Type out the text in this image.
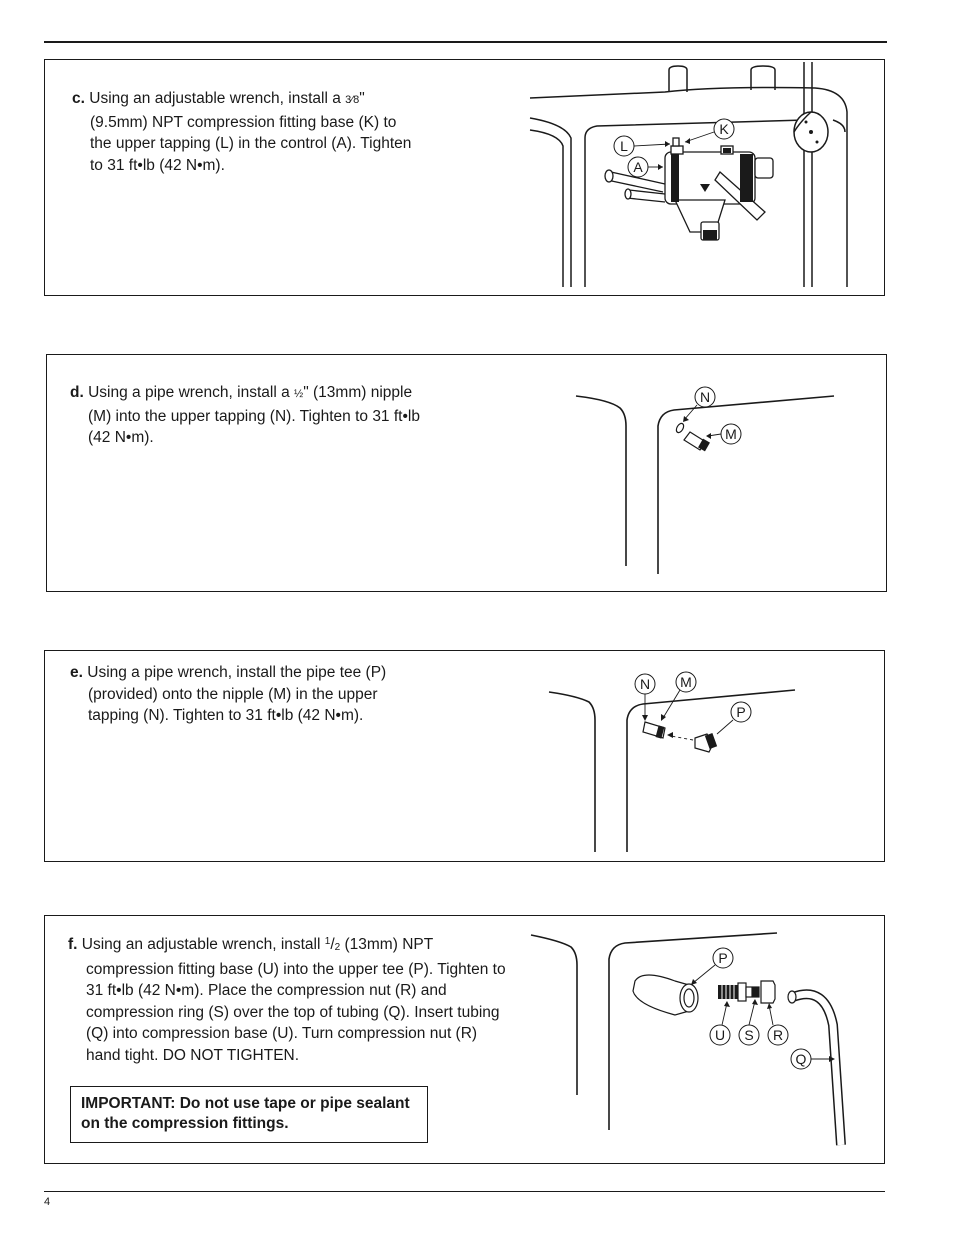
c. Using an adjustable wrench, install a 3⁄8" (9.5mm) NPT compression fitting base (K) to the upper tapping (L) in the control (A). Tighten to 31 ft•lb (42 N•m).
K
L
A
d. Using a pipe wrench, install a ½" (13mm) nipple (M) into the upper tapping (N). Tighten to 31 ft•lb (42 N•m).
N
M
e. Using a pipe wrench, install the pipe tee (P) (provided) onto the nipple (M) in the upper tapping (N). Tighten to 31 ft•lb (42 N•m).
N M
P
f. Using an adjustable wrench, install $^1$/2 (13mm) NPT compression fitting base (U) into the upper tee (P). Tighten to 31 ft•lb (42 N•m). Place the compression nut (R) and compression ring (S) over the top of tubing (Q). Insert tubing (Q) into compression base (U). Turn compression nut (R) hand tight. DO NOT TIGHTEN.
IMPORTANT: Do not use tape or pipe sealant on the compression fittings.
P
U S R
Q
4
